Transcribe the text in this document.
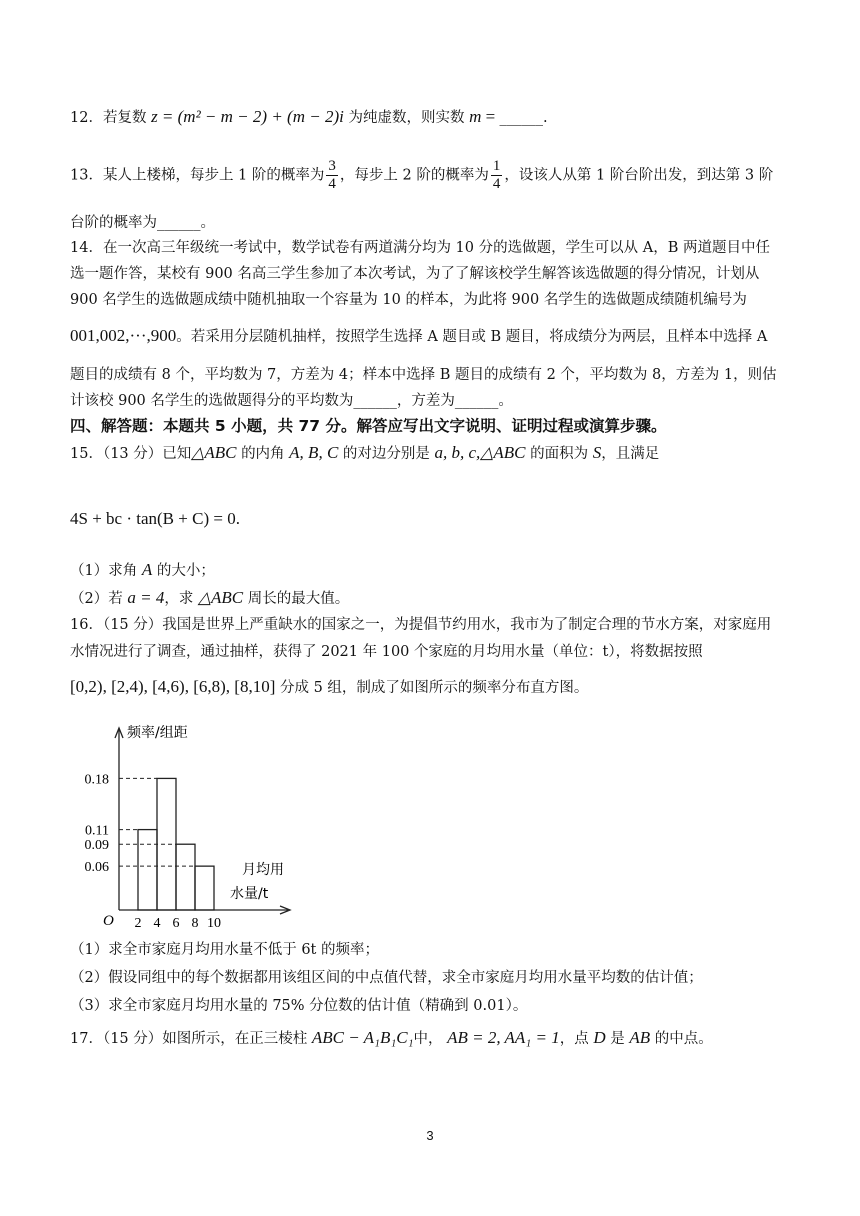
12．若复数 z = (m² − m − 2) + (m − 2)i 为纯虚数，则实数 m = ______.
13．某人上楼梯，每步上 1 阶的概率为 $\frac{3}{4}$ ，每步上 2 阶的概率为 $\frac{1}{4}$ ，设该人从第 1 阶台阶出发，到达第 3 阶
台阶的概率为______。
14．在一次高三年级统一考试中，数学试卷有两道满分均为 10 分的选做题，学生可以从 A，B 两道题目中任
选一题作答，某校有 900 名高三学生参加了本次考试，为了了解该校学生解答该选做题的得分情况，计划从
900 名学生的选做题成绩中随机抽取一个容量为 10 的样本，为此将 900 名学生的选做题成绩随机编号为
001,002,···,900。若采用分层随机抽样，按照学生选择 A 题目或 B 题目，将成绩分为两层，且样本中选择 A
题目的成绩有 8 个，平均数为 7，方差为 4；样本中选择 B 题目的成绩有 2 个，平均数为 8，方差为 1，则估
计该校 900 名学生的选做题得分的平均数为______，方差为______。
四、解答题：本题共 5 小题，共 77 分。解答应写出文字说明、证明过程或演算步骤。
15．（13 分）已知△ABC 的内角 A, B, C 的对边分别是 a, b, c,△ABC 的面积为 S，且满足
4S + bc · tan(B + C) = 0.
（1）求角 A 的大小；
（2）若 a = 4，求 △ABC 周长的最大值。
16．（15 分）我国是世界上严重缺水的国家之一，为提倡节约用水，我市为了制定合理的节水方案，对家庭用
水情况进行了调查，通过抽样，获得了 2021 年 100 个家庭的月均用水量（单位：t），将数据按照
[0,2), [2,4), [4,6), [6,8), [8,10] 分成 5 组，制成了如图所示的频率分布直方图。
0.18
0.11
0.09
0.06
2 4 6 8 10
O
频率/组距
月均用
水量/t
（1）求全市家庭月均用水量不低于 6t 的频率；
（2）假设同组中的每个数据都用该组区间的中点值代替，求全市家庭月均用水量平均数的估计值；
（3）求全市家庭月均用水量的 75% 分位数的估计值（精确到 0.01）。
17．（15 分）如图所示，在正三棱柱 ABC − A₁B₁C₁中， AB = 2, AA₁ = 1，点 D 是 AB 的中点。
3
